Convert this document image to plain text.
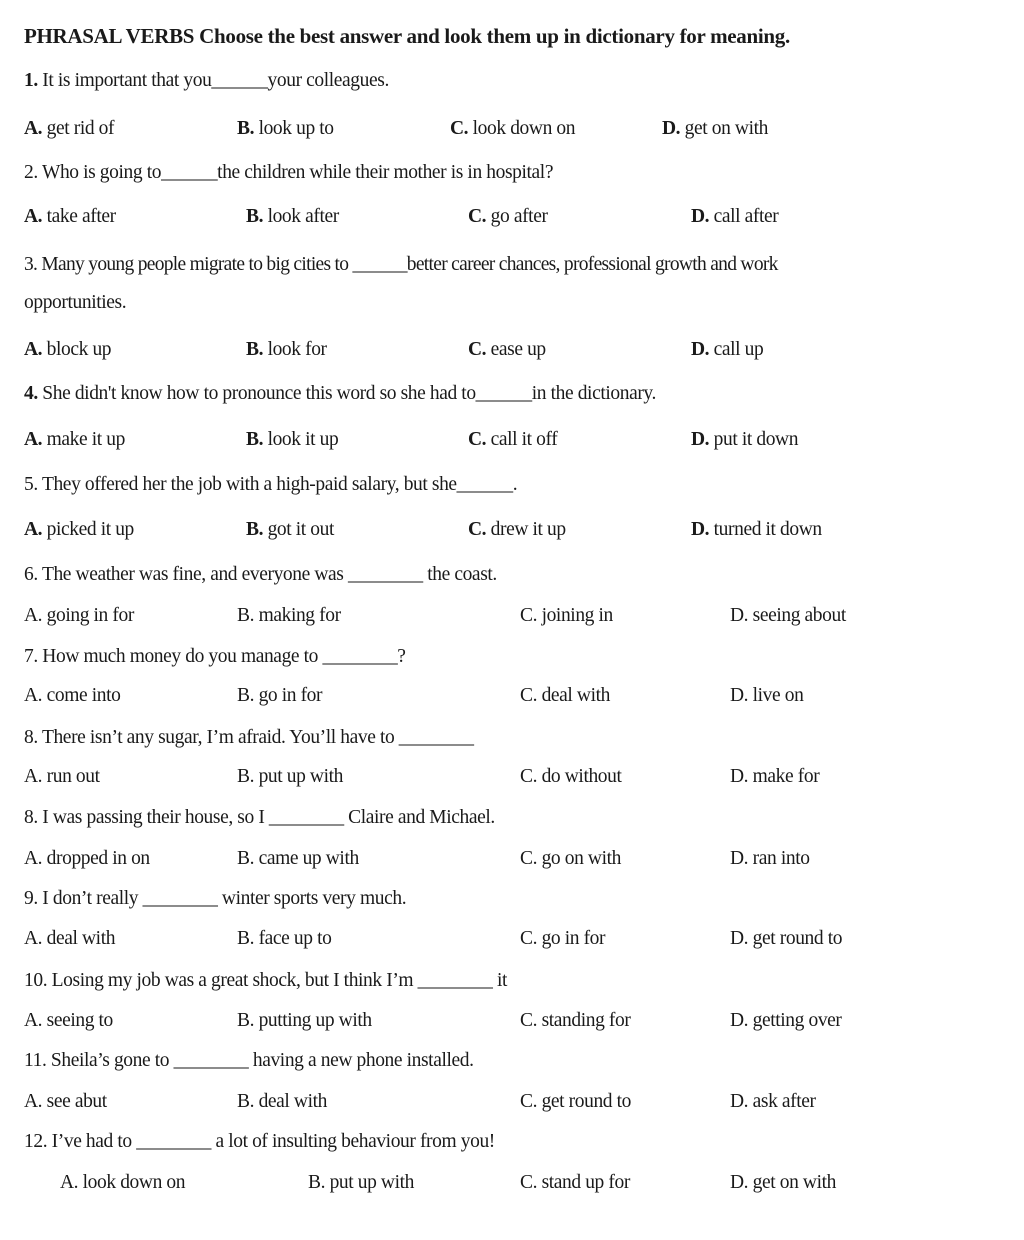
PHRASAL VERBS Choose the best answer and look them up in dictionary for meaning.
1. It is important that you______your colleagues.
A. get rid of	B. look up to	C. look down on	D. get on with
2. Who is going to______the children while their mother is in hospital?
A. take after	B. look after	C. go after	D. call after
3. Many young people migrate to big cities to ______better career chances, professional growth and work
opportunities.
A. block up	B. look for	C. ease up	D. call up
4. She didn't know how to pronounce this word so she had to______in the dictionary.
A. make it up	B. look it up	C. call it off	D. put it down
5. They offered her the job with a high-paid salary, but she______.
A. picked it up	B. got it out	C. drew it up	D. turned it down
6. The weather was fine, and everyone was ________ the coast.
A. going in for	B. making for	C. joining in	D. seeing about
7. How much money do you manage to ________?
A. come into	B. go in for	C. deal with	D. live on
8. There isn’t any sugar, I’m afraid. You’ll have to ________
A. run out	B. put up with	C. do without	D. make for
8. I was passing their house, so I ________ Claire and Michael.
A. dropped in on	B. came up with	C. go on with	D. ran into
9. I don’t really ________ winter sports very much.
A. deal with	B. face up to	C. go in for	D. get round to
10. Losing my job was a great shock, but I think I’m ________ it
A. seeing to	B. putting up with	C. standing for	D. getting over
11. Sheila’s gone to ________ having a new phone installed.
A. see abut	B. deal with	C. get round to	D. ask after
12. I’ve had to ________ a lot of insulting behaviour from you!
A. look down on	B. put up with	C. stand up for	D. get on with
